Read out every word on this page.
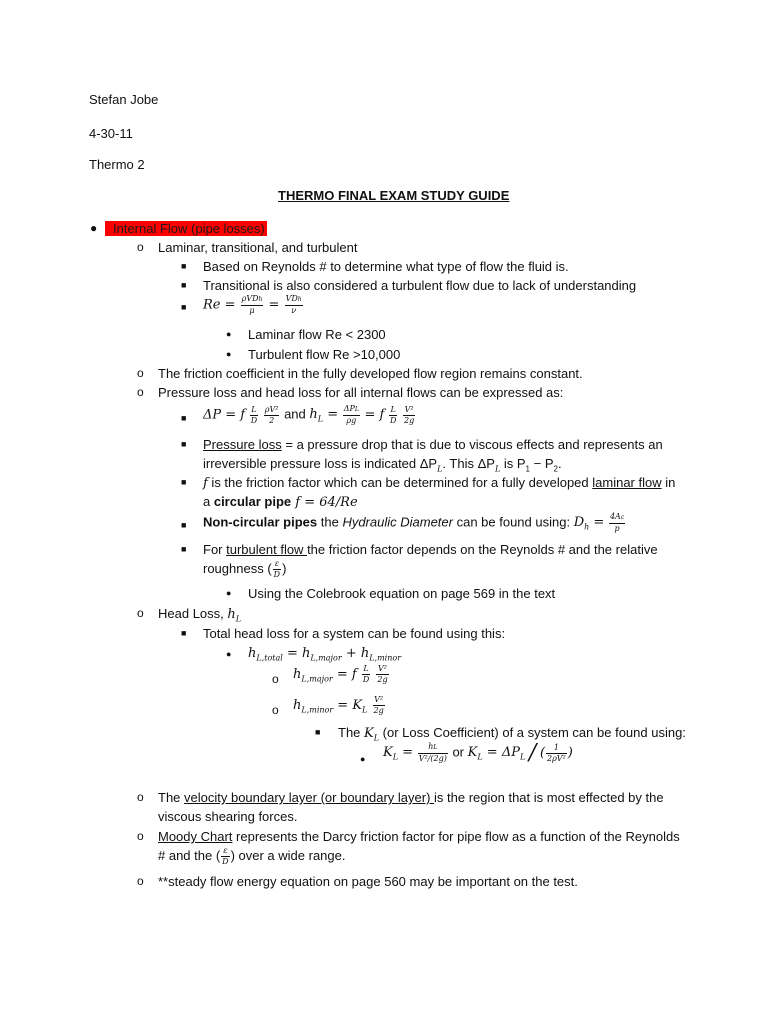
Stefan Jobe
4-30-11
Thermo 2
THERMO FINAL EXAM STUDY GUIDE
●	Internal Flow (pipe losses)
o Laminar, transitional, and turbulent
■ Based on Reynolds # to determine what type of flow the fluid is.
■ Transitional is also considered a turbulent flow due to lack of understanding
■ $Re = \frac{\text{ρVDh}}{\mu} = \frac{\text{VDh}}{\nu}$
● Laminar flow Re < 2300
● Turbulent flow Re >10,000
o The friction coefficient in the fully developed flow region remains constant.
o Pressure loss and head loss for all internal flows can be expressed as:
■ ΔP = f $\frac{L}{D}$
$\frac{\text{ρV²}}{2}$ and $h_L = \frac{\text{ΔPL}}{\rho g} = f \frac{L}{D}$
$\frac{\text{V²}}{2g}$
■ Pressure loss = a pressure drop that is due to viscous effects and represents an
irreversible pressure loss is indicated $\Delta P_L$. This $\Delta P_L$ is $P_1 - P_2$.
■ f is the friction factor which can be determined for a fully developed laminar flow in
a circular pipe f = 64/Re
■ Non-circular pipes the Hydraulic Diameter can be found using: $D_h = \frac{4Ac}{p}$
■ For turbulent flow the friction factor depends on the Reynolds # and the relative
roughness ( $\frac{\varepsilon}{D}$ )
● Using the Colebrook equation on page 569 in the text
o Head Loss, $h_L$
■ Total head loss for a system can be found using this:
● $h_{L,total} = h_{L,major} + h_{L,minor}$
o $h_{L,major} = f \frac{L}{D}$
$\frac{\text{V²}}{2g}$
o $h_{L,minor} = K_L \frac{\text{V²}}{2g}$
■ The $K_L$ (or Loss Coefficient) of a system can be found using:
● $K_L = \frac{hL}{\text{V²/(2g)}}$ or $K_L = \Delta P_L$ / ( $\frac{1}{\text{2ρV²}}$ )
o The velocity boundary layer (or boundary layer) is the region that is most effected by the
viscous shearing forces.
o Moody Chart represents the Darcy friction factor for pipe flow as a function of the Reynolds
# and the ( $\frac{\varepsilon}{D}$ ) over a wide range.
o **steady flow energy equation on page 560 may be important on the test.
